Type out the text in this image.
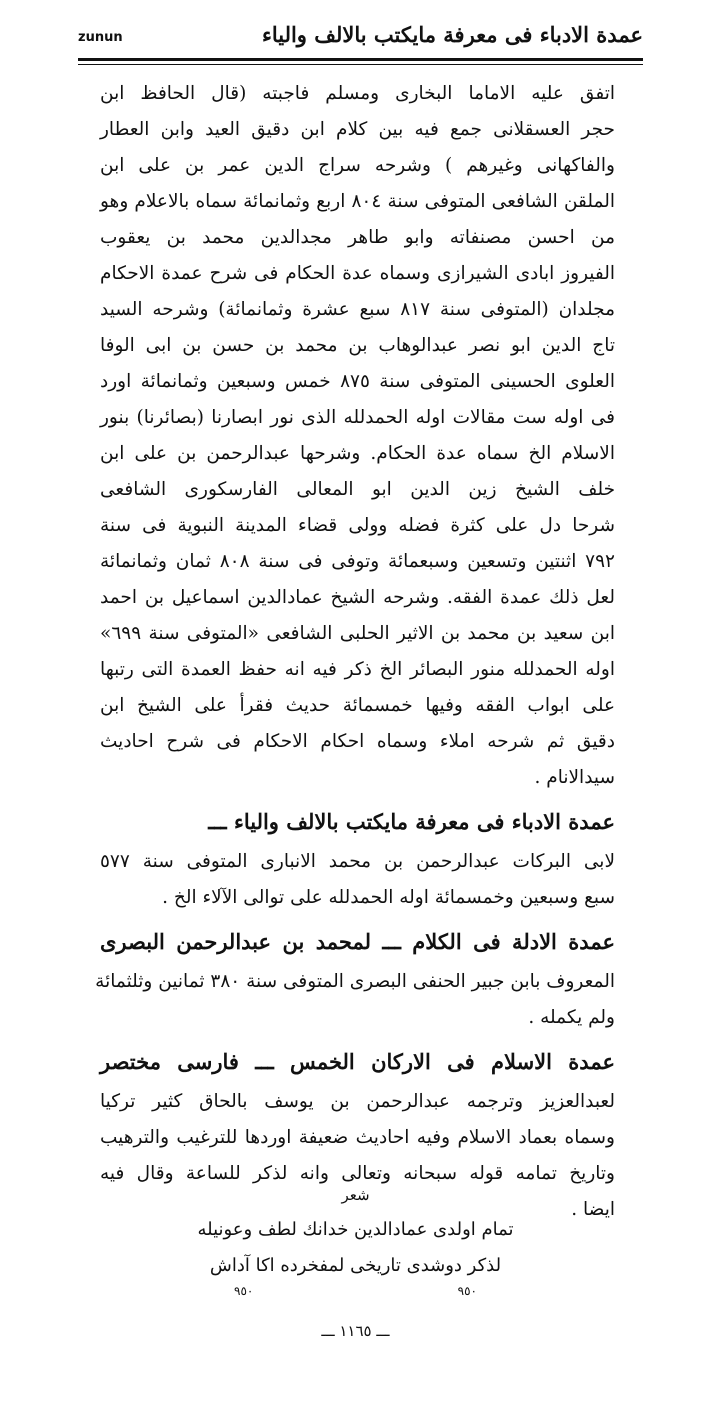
عمدة الادباء فى معرفة مايكتب بالالف والياء
zunun
اتفق عليه الاماما البخارى ومسلم فاجبته (قال الحافظ ابن
حجر العسقلانى جمع فيه بين كلام ابن دقيق العيد وابن العطار
والفاكهانى وغيرهم ) وشرحه سراج الدين عمر بن على ابن
الملقن الشافعى المتوفى سنة ٨٠٤ اربع وثمانمائة سماه بالاعلام وهو
من احسن مصنفاته وابو طاهر مجدالدين محمد بن يعقوب
الفيروز ابادى الشيرازى وسماه عدة الحكام فى شرح عمدة الاحكام
مجلدان (المتوفى سنة ٨١٧ سبع عشرة وثمانمائة) وشرحه السيد
تاج الدين ابو نصر عبدالوهاب بن محمد بن حسن بن ابى الوفا
العلوى الحسينى المتوفى سنة ٨٧٥ خمس وسبعين وثمانمائة اورد
فى اوله ست مقالات اوله الحمدلله الذى نور ابصارنا (بصائرنا) بنور
الاسلام الخ سماه عدة الحكام. وشرحها عبدالرحمن بن على ابن
خلف الشيخ زين الدين ابو المعالى الفارسكورى الشافعى
شرحا دل على كثرة فضله وولى قضاء المدينة النبوية فى سنة
٧٩٢ اثنتين وتسعين وسبعمائة وتوفى فى سنة ٨٠٨ ثمان وثمانمائة
لعل ذلك عمدة الفقه. وشرحه الشيخ عمادالدين اسماعيل بن احمد
ابن سعيد بن محمد بن الاثير الحلبى الشافعى «المتوفى سنة ٦٩٩»
اوله الحمدلله منور البصائر الخ ذكر فيه انه حفظ العمدة التى رتبها
على ابواب الفقه وفيها خمسمائة حديث فقرأ على الشيخ ابن
دقيق ثم شرحه املاء وسماه احكام الاحكام فى شرح احاديث
سيدالانام .
عمدة الادباء فى معرفة مايكتب بالالف والياء ـــ
لابى البركات عبدالرحمن بن محمد الانبارى المتوفى سنة ٥٧٧
سبع وسبعين وخمسمائة اوله الحمدلله على توالى الآلاء الخ .
عمدة الادلة فى الكلام ـــ لمحمد بن عبدالرحمن البصرى
المعروف بابن جبير الحنفى البصرى المتوفى سنة ٣٨٠ ثمانين وثلثمائة
ولم يكمله .
عمدة الاسلام فى الاركان الخمس ـــ فارسى مختصر
لعبدالعزيز وترجمه عبدالرحمن بن يوسف بالحاق كثير تركيا
وسماه بعماد الاسلام وفيه احاديث ضعيفة اوردها للترغيب والترهيب
وتاريخ تمامه قوله سبحانه وتعالى وانه لذكر للساعة وقال فيه
ايضا .
شعر
تمام اولدى عمادالدين خدانك لطف وعونيله
لذكر دوشدى تاريخى لمفخرده اكا آداش
٩٥٠
٩٥٠
ـــ ١١٦٥ ـــ
